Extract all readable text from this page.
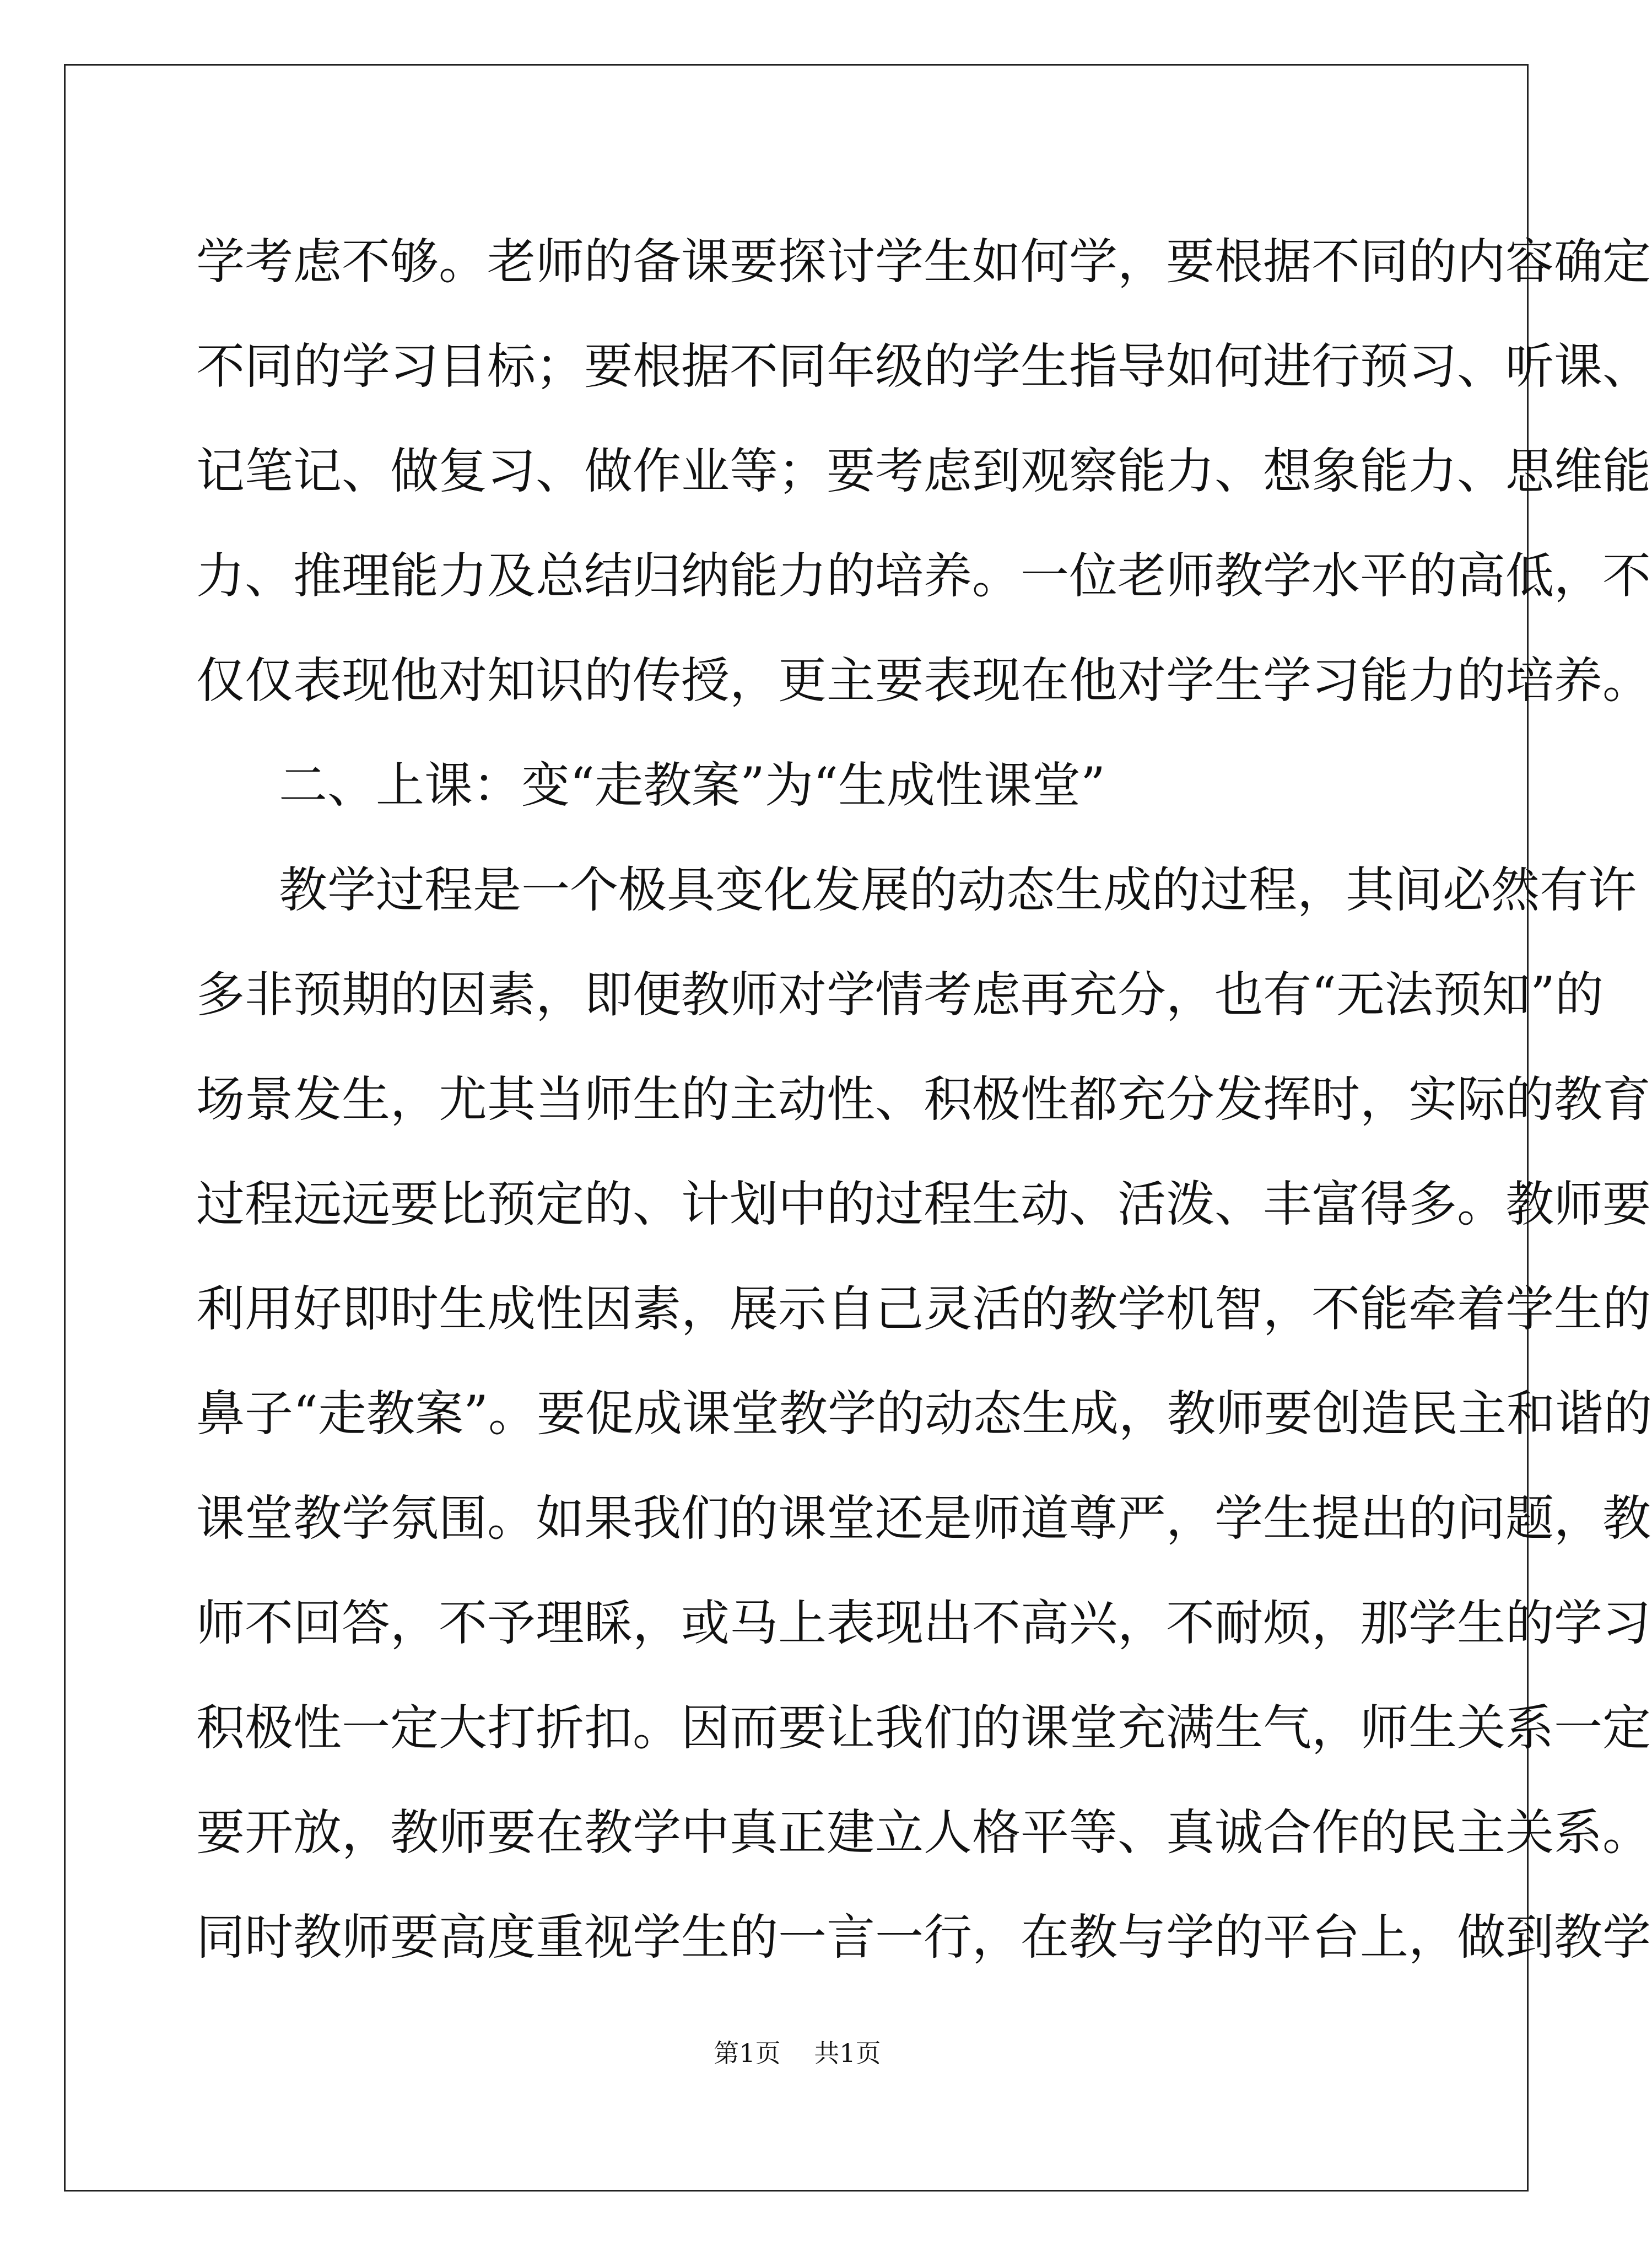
学考虑不够。老师的备课要探讨学生如何学，要根据不同的内容确定
不同的学习目标；要根据不同年级的学生指导如何进行预习、听课、
记笔记、做复习、做作业等；要考虑到观察能力、想象能力、思维能
力、推理能力及总结归纳能力的培养。一位老师教学水平的高低，不
仅仅表现他对知识的传授，更主要表现在他对学生学习能力的培养。
二、上课：变“走教案”为“生成性课堂”
教学过程是一个极具变化发展的动态生成的过程，其间必然有许
多非预期的因素，即便教师对学情考虑再充分，也有“无法预知”的
场景发生，尤其当师生的主动性、积极性都充分发挥时，实际的教育
过程远远要比预定的、计划中的过程生动、活泼、丰富得多。教师要
利用好即时生成性因素，展示自己灵活的教学机智，不能牵着学生的
鼻子“走教案”。要促成课堂教学的动态生成，教师要创造民主和谐的
课堂教学氛围。如果我们的课堂还是师道尊严，学生提出的问题，教
师不回答，不予理睬，或马上表现出不高兴，不耐烦，那学生的学习
积极性一定大打折扣。因而要让我们的课堂充满生气，师生关系一定
要开放，教师要在教学中真正建立人格平等、真诚合作的民主关系。
同时教师要高度重视学生的一言一行，在教与学的平台上，做到教学
第1页 共1页
